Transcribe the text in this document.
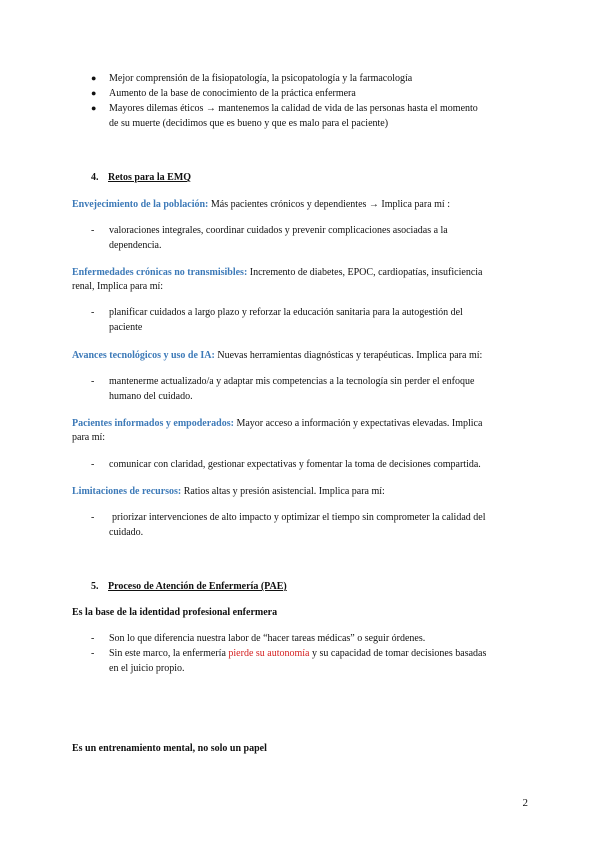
● Mejor comprensión de la fisiopatología, la psicopatología y la farmacología
● Aumento de la base de conocimiento de la práctica enfermera
● Mayores dilemas éticos → mantenemos la calidad de vida de las personas hasta el momento
de su muerte (decidimos que es bueno y que es malo para el paciente)
4. Retos para la EMQ
Envejecimiento de la población: Más pacientes crónicos y dependientes → Implica para mí :
- valoraciones integrales, coordinar cuidados y prevenir complicaciones asociadas a la
dependencia.
Enfermedades crónicas no transmisibles: Incremento de diabetes, EPOC, cardiopatías, insuficiencia
renal, Implica para mí:
- planificar cuidados a largo plazo y reforzar la educación sanitaria para la autogestión del
paciente
Avances tecnológicos y uso de IA: Nuevas herramientas diagnósticas y terapéuticas. Implica para mí:
- mantenerme actualizado/a y adaptar mis competencias a la tecnología sin perder el enfoque
humano del cuidado.
Pacientes informados y empoderados: Mayor acceso a información y expectativas elevadas. Implica
para mí:
- comunicar con claridad, gestionar expectativas y fomentar la toma de decisiones compartida.
Limitaciones de recursos: Ratios altas y presión asistencial. Implica para mí:
- priorizar intervenciones de alto impacto y optimizar el tiempo sin comprometer la calidad del
cuidado.
5. Proceso de Atención de Enfermería (PAE)
Es la base de la identidad profesional enfermera
- Son lo que diferencia nuestra labor de “hacer tareas médicas” o seguir órdenes.
- Sin este marco, la enfermería pierde su autonomía y su capacidad de tomar decisiones basadas
en el juicio propio.
Es un entrenamiento mental, no solo un papel
2
